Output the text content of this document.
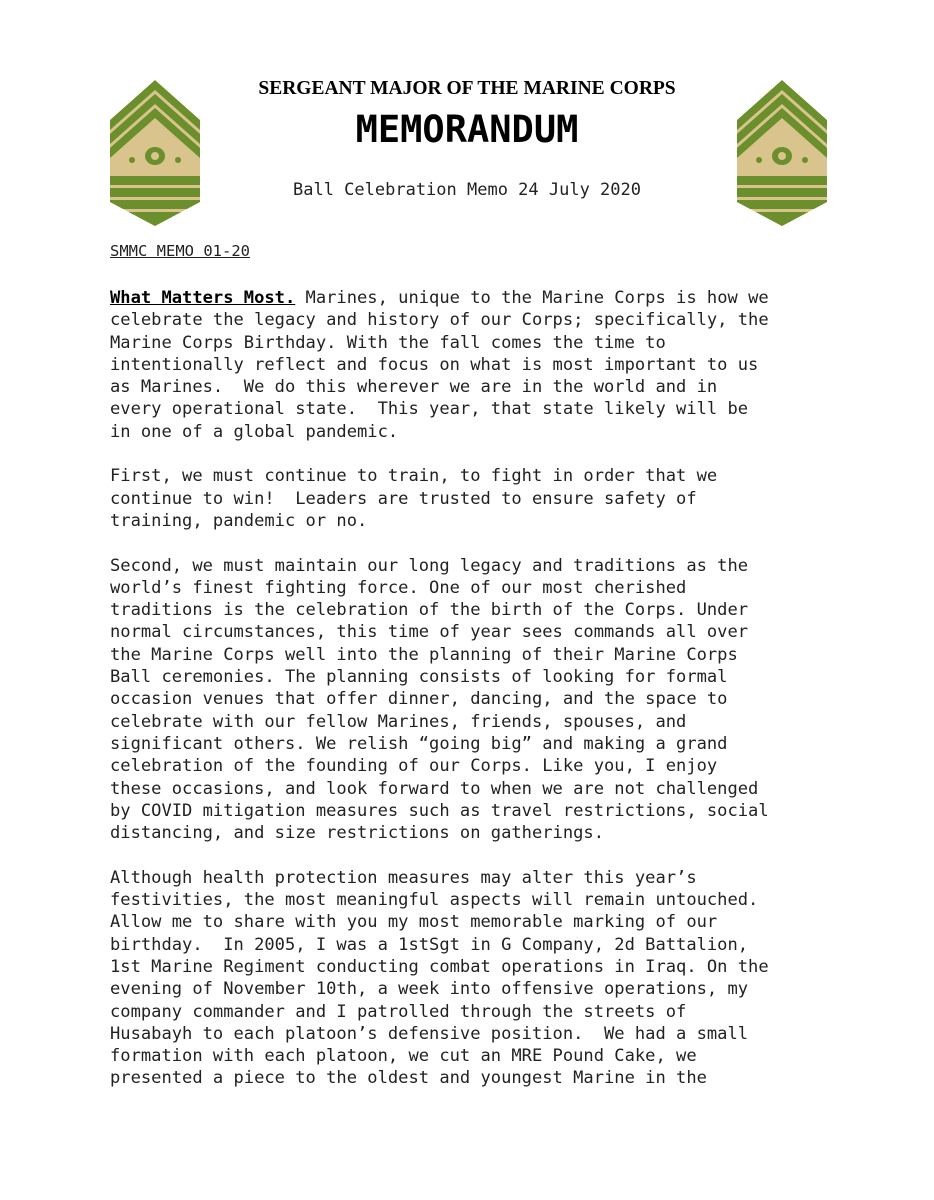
SERGEANT MAJOR OF THE MARINE CORPS
MEMORANDUM
Ball Celebration Memo 24 July 2020
SMMC MEMO 01-20
What Matters Most. Marines, unique to the Marine Corps is how we
celebrate the legacy and history of our Corps; specifically, the
Marine Corps Birthday. With the fall comes the time to
intentionally reflect and focus on what is most important to us
as Marines.  We do this wherever we are in the world and in
every operational state.  This year, that state likely will be
in one of a global pandemic.
First, we must continue to train, to fight in order that we
continue to win!  Leaders are trusted to ensure safety of
training, pandemic or no.
Second, we must maintain our long legacy and traditions as the
world’s finest fighting force. One of our most cherished
traditions is the celebration of the birth of the Corps. Under
normal circumstances, this time of year sees commands all over
the Marine Corps well into the planning of their Marine Corps
Ball ceremonies. The planning consists of looking for formal
occasion venues that offer dinner, dancing, and the space to
celebrate with our fellow Marines, friends, spouses, and
significant others. We relish “going big” and making a grand
celebration of the founding of our Corps. Like you, I enjoy
these occasions, and look forward to when we are not challenged
by COVID mitigation measures such as travel restrictions, social
distancing, and size restrictions on gatherings.
Although health protection measures may alter this year’s
festivities, the most meaningful aspects will remain untouched.
Allow me to share with you my most memorable marking of our
birthday.  In 2005, I was a 1stSgt in G Company, 2d Battalion,
1st Marine Regiment conducting combat operations in Iraq. On the
evening of November 10th, a week into offensive operations, my
company commander and I patrolled through the streets of
Husabayh to each platoon’s defensive position.  We had a small
formation with each platoon, we cut an MRE Pound Cake, we
presented a piece to the oldest and youngest Marine in the
